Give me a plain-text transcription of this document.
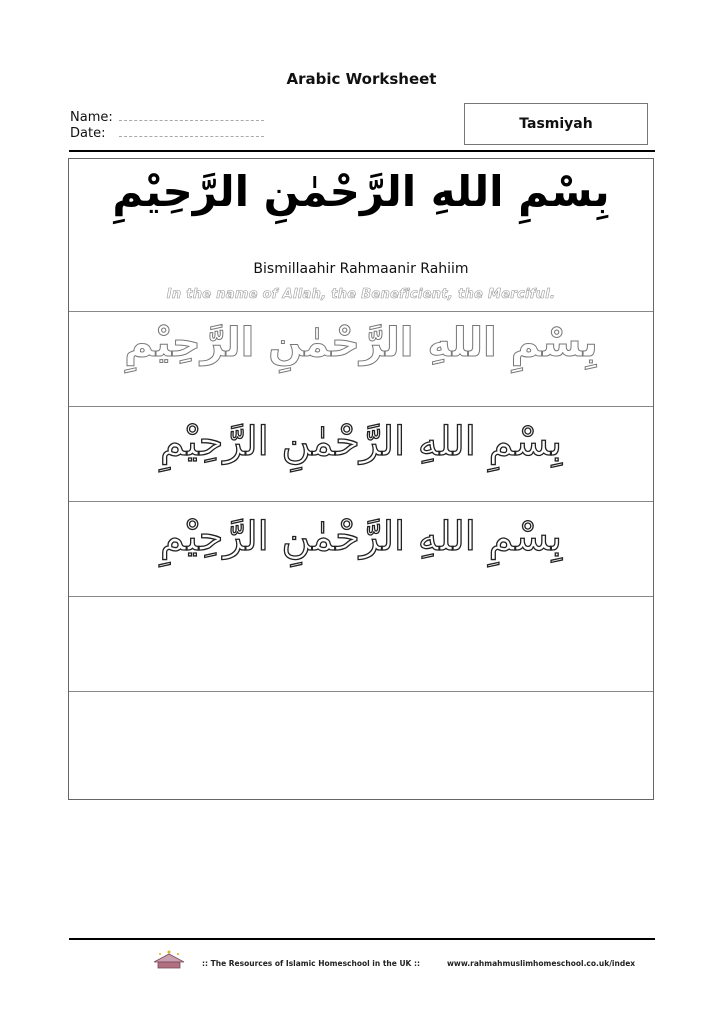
Arabic Worksheet
Name:
Date:
Tasmiyah
بِسْمِ اللهِ الرَّحْمٰنِ الرَّحِيْمِ
Bismillaahir Rahmaanir Rahiim
In the name of Allah, the Beneficient, the Merciful.
بِسْمِ اللهِ الرَّحْمٰنِ الرَّحِيْمِ
بِسْمِ اللهِ الرَّحْمٰنِ الرَّحِيْمِ
بِسْمِ اللهِ الرَّحْمٰنِ الرَّحِيْمِ
:: The Resources of Islamic Homeschool in the UK ::	www.rahmahmuslimhomeschool.co.uk/index
